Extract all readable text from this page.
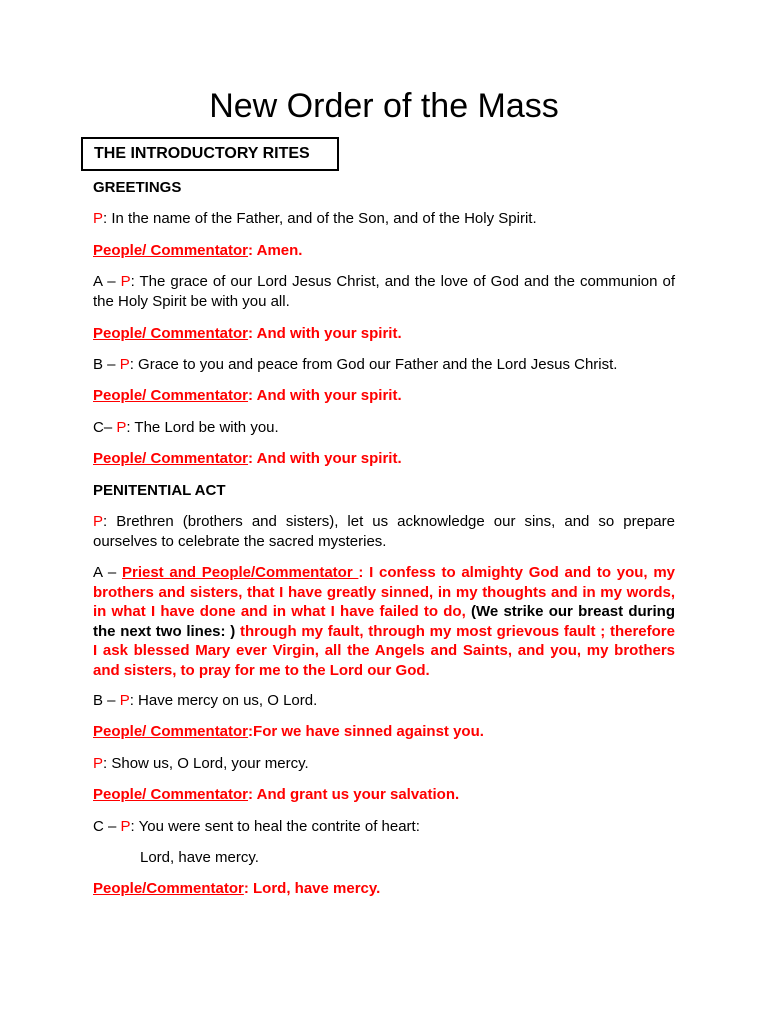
New Order of the Mass
THE INTRODUCTORY RITES

GREETINGS

P: In the name of the Father, and of the Son, and of the Holy Spirit.

People/ Commentator: Amen.

A – P: The grace of our Lord Jesus Christ, and the love of God and the communion of the Holy Spirit be with you all.

People/ Commentator: And with your spirit.

B – P: Grace to you and peace from God our Father and the Lord Jesus Christ.

People/ Commentator: And with your spirit.

C– P: The Lord be with you.

People/ Commentator: And with your spirit.

PENITENTIAL ACT

P: Brethren (brothers and sisters), let us acknowledge our sins, and so prepare ourselves to celebrate the sacred mysteries.

A – Priest and People/Commentator : I confess to almighty God and to you, my brothers and sisters, that I have greatly sinned, in my thoughts and in my words, in what I have done and in what I have failed to do, (We strike our breast during the next two lines: ) through my fault, through my most grievous fault ; therefore I ask blessed Mary ever Virgin, all the Angels and Saints, and you, my brothers and sisters, to pray for me to the Lord our God.

B – P: Have mercy on us, O Lord.

People/ Commentator:For we have sinned against you.

P: Show us, O Lord, your mercy.

People/ Commentator: And grant us your salvation.

C – P: You were sent to heal the contrite of heart:

Lord, have mercy.

People/Commentator: Lord, have mercy.
